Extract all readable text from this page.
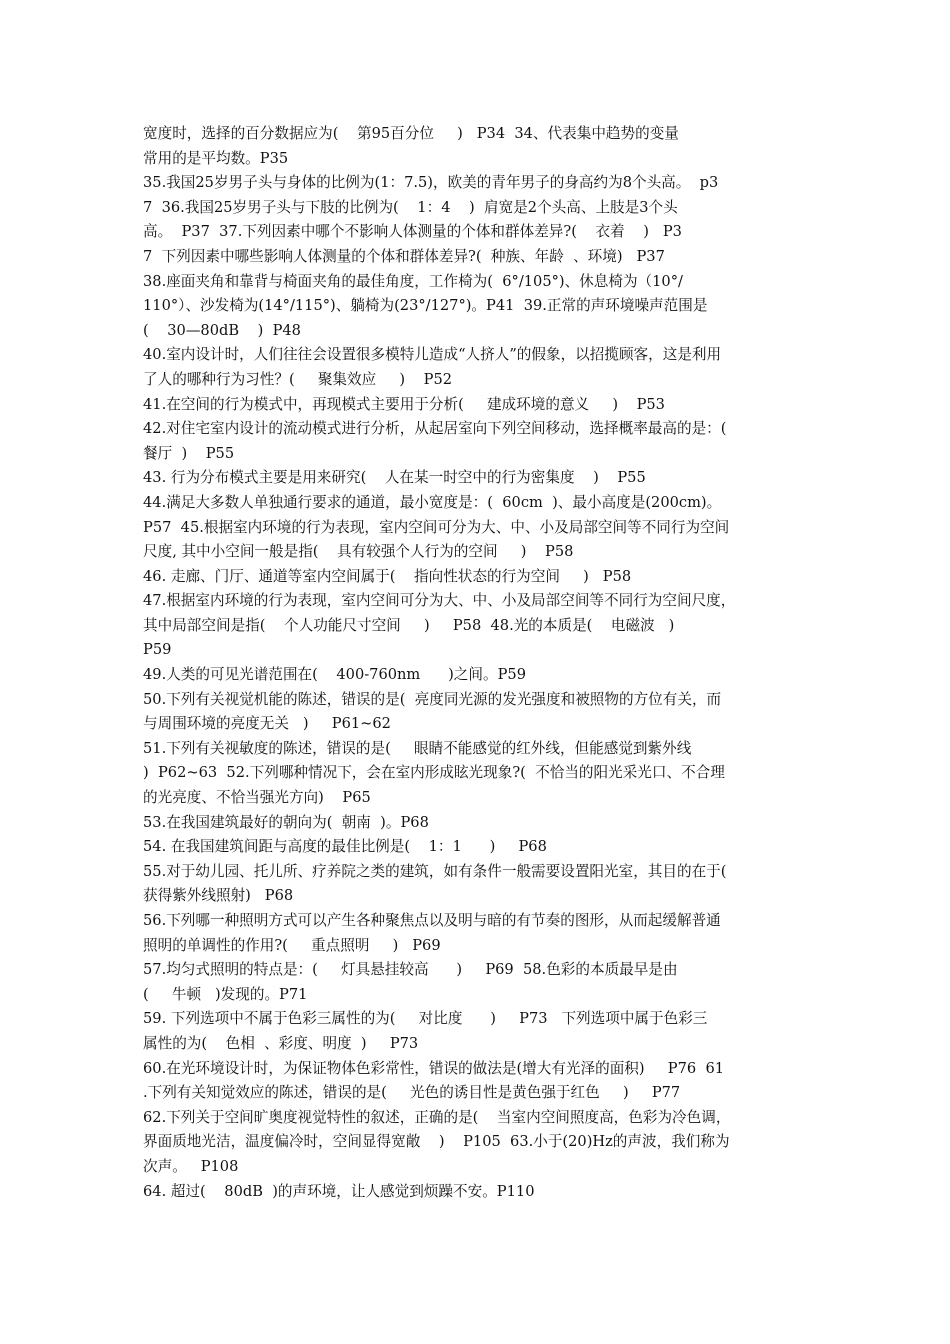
宽度时，选择的百分数据应为(    第95百分位     )   P34  34、代表集中趋势的变量
常用的是平均数。P35
35.我国25岁男子头与身体的比例为(1：7.5)，欧美的青年男子的身高约为8个头高。  p3
7  36.我国25岁男子头与下肢的比例为(    1：4    )  肩宽是2个头高、上肢是3个头
高。  P37  37.下列因素中哪个不影响人体测量的个体和群体差异?(    衣着    )   P3
7  下列因素中哪些影响人体测量的个体和群体差异?(  种族、年龄  、环境)   P37
38.座面夹角和靠背与椅面夹角的最佳角度，工作椅为(  6°/105°)、休息椅为（10°/
110°）、沙发椅为(14°/115°)、躺椅为(23°/127°)。P41  39.正常的声环境噪声范围是
(    30—80dB    )  P48
40.室内设计时，人们往往会设置很多模特儿造成“人挤人”的假象，以招揽顾客，这是利用
了人的哪种行为习性？(     聚集效应     )    P52
41.在空间的行为模式中，再现模式主要用于分析(     建成环境的意义     )    P53
42.对住宅室内设计的流动模式进行分析，从起居室向下列空间移动，选择概率最高的是：(
餐厅  )    P55
43. 行为分布模式主要是用来研究(    人在某一时空中的行为密集度    )    P55
44.满足大多数人单独通行要求的通道，最小宽度是：(  60cm  )、最小高度是(200cm)。
P57  45.根据室内环境的行为表现，室内空间可分为大、中、小及局部空间等不同行为空间
尺度, 其中小空间一般是指(    具有较强个人行为的空间     )    P58
46. 走廊、门厅、通道等室内空间属于(    指向性状态的行为空间     )   P58
47.根据室内环境的行为表现，室内空间可分为大、中、小及局部空间等不同行为空间尺度，
其中局部空间是指(    个人功能尺寸空间     )     P58  48.光的本质是(    电磁波   )
P59
49.人类的可见光谱范围在(    400-760nm      )之间。P59
50.下列有关视觉机能的陈述，错误的是(  亮度同光源的发光强度和被照物的方位有关，而
与周围环境的亮度无关   )     P61~62
51.下列有关视敏度的陈述，错误的是(     眼睛不能感觉的红外线，但能感觉到紫外线
)  P62~63  52.下列哪种情况下，会在室内形成眩光现象?(  不恰当的阳光采光口、不合理
的光亮度、不恰当强光方向)    P65
53.在我国建筑最好的朝向为(  朝南  )。P68
54. 在我国建筑间距与高度的最佳比例是(    1：1      )     P68
55.对于幼儿园、托儿所、疗养院之类的建筑，如有条件一般需要设置阳光室，其目的在于(
获得紫外线照射)   P68
56.下列哪一种照明方式可以产生各种聚焦点以及明与暗的有节奏的图形，从而起缓解普通
照明的单调性的作用?(     重点照明     )   P69
57.均匀式照明的特点是：(     灯具悬挂较高      )     P69  58.色彩的本质最早是由
(     牛顿   )发现的。P71
59. 下列选项中不属于色彩三属性的为(     对比度      )     P73   下列选项中属于色彩三
属性的为(    色相  、彩度、明度  )     P73
60.在光环境设计时，为保证物体色彩常性，错误的做法是(增大有光泽的面积)     P76  61
.下列有关知觉效应的陈述，错误的是(     光色的诱目性是黄色强于红色     )     P77
62.下列关于空间旷奥度视觉特性的叙述，正确的是(    当室内空间照度高，色彩为冷色调，
界面质地光洁，温度偏冷时，空间显得宽敞    )    P105  63.小于(20)Hz的声波，我们称为
次声。   P108
64. 超过(    80dB  )的声环境，让人感觉到烦躁不安。P110
